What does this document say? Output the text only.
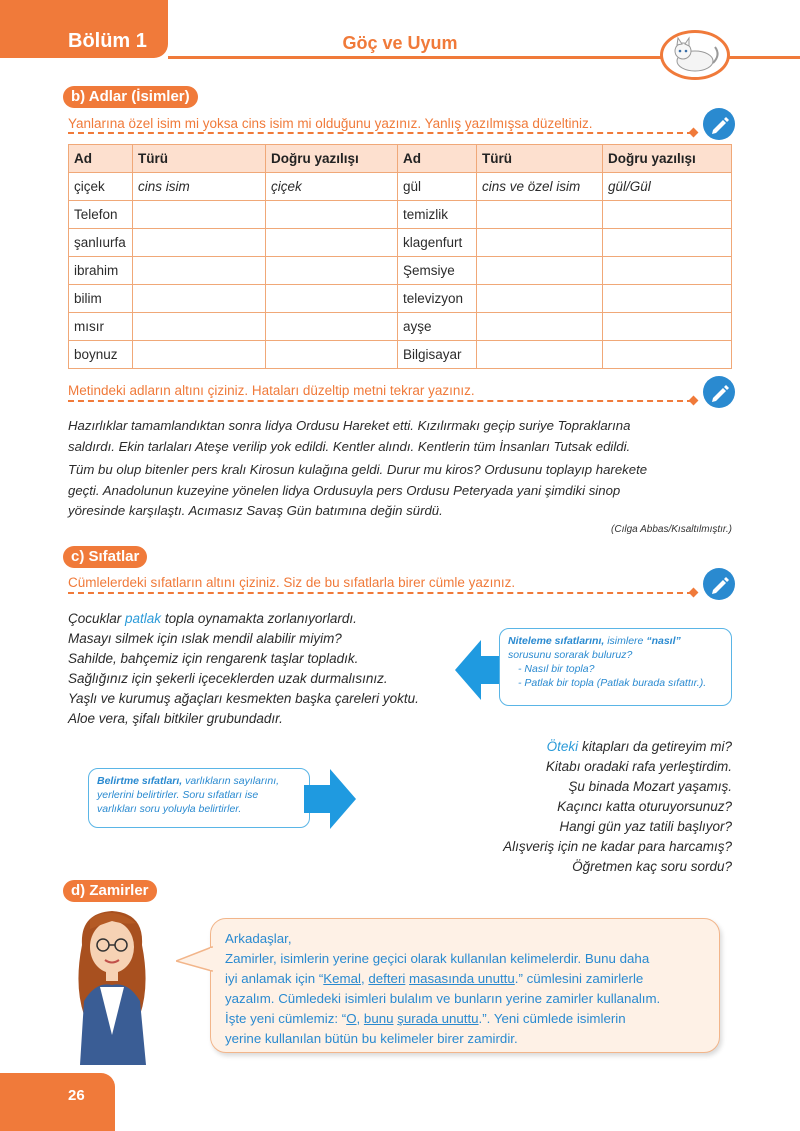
Bölüm 1	Göç ve Uyum
b) Adlar (İsimler)
Yanlarına özel isim mi yoksa cins isim mi olduğunu yazınız. Yanlış yazılmışsa düzeltiniz.
Ad	Türü	Doğru yazılışı	Ad	Türü	Doğru yazılışı
çiçek	cins isim	çiçek	gül	cins ve özel isim	gül/Gül
Telefon			temizlik		
şanlıurfa			klagenfurt		
ibrahim			Şemsiye		
bilim			televizyon		
mısır			ayşe		
boynuz			Bilgisayar		
Metindeki adların altını çiziniz. Hataları düzeltip metni tekrar yazınız.
Hazırlıklar tamamlandıktan sonra lidya Ordusu Hareket etti. Kızılırmakı geçip suriye Topraklarına
saldırdı. Ekin tarlaları Ateşe verilip yok edildi. Kentler alındı. Kentlerin tüm İnsanları Tutsak edildi.
Tüm bu olup bitenler pers kralı Kirosun kulağına geldi. Durur mu kiros? Ordusunu toplayıp harekete
geçti. Anadolunun kuzeyine yönelen lidya Ordusuyla pers Ordusu Peteryada yani şimdiki sinop
yöresinde karşılaştı. Acımasız Savaş Gün batımına değin sürdü.
(Cılga Abbas/Kısaltılmıştır.)
c) Sıfatlar
Cümlelerdeki sıfatların altını çiziniz. Siz de bu sıfatlarla birer cümle yazınız.
Çocuklar patlak topla oynamakta zorlanıyorlardı.
Masayı silmek için ıslak mendil alabilir miyim?
Sahilde, bahçemiz için rengarenk taşlar topladık.
Sağlığınız için şekerli içeceklerden uzak durmalısınız.
Yaşlı ve kurumuş ağaçları kesmekten başka çareleri yoktu.
Aloe vera, şifalı bitkiler grubundadır.
Niteleme sıfatlarını, isimlere “nasıl”
sorusunu sorarak buluruz?
- Nasıl bir topla?
- Patlak bir topla (Patlak burada sıfattır.).
Öteki kitapları da getireyim mi?
Kitabı oradaki rafa yerleştirdim.
Şu binada Mozart yaşamış.
Kaçıncı katta oturuyorsunuz?
Hangi gün yaz tatili başlıyor?
Alışveriş için ne kadar para harcamış?
Öğretmen kaç soru sordu?
Belirtme sıfatları, varlıkların sayılarını,
yerlerini belirtirler. Soru sıfatları ise
varlıkları soru yoluyla belirtirler.
d) Zamirler
Arkadaşlar,
Zamirler, isimlerin yerine geçici olarak kullanılan kelimelerdir. Bunu daha
iyi anlamak için “Kemal, defteri masasında unuttu.” cümlesini zamirlerle
yazalım. Cümledeki isimleri bulalım ve bunların yerine zamirler kullanalım.
İşte yeni cümlemiz: “O, bunu şurada unuttu.”. Yeni cümlede isimlerin
yerine kullanılan bütün bu kelimeler birer zamirdir.
26
